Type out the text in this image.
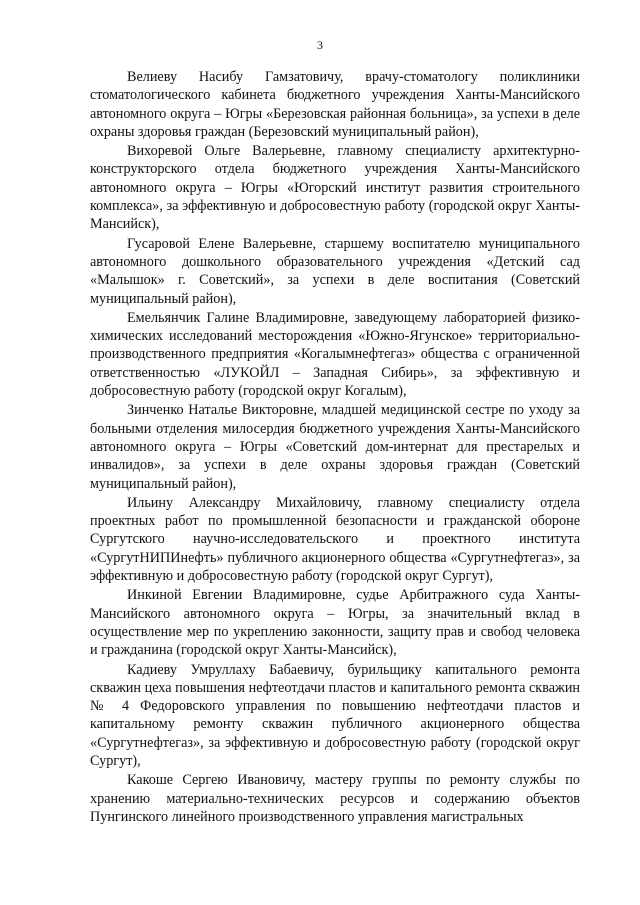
3

Велиеву Насибу Гамзатовичу, врачу-стоматологу поликлиники стоматологического кабинета бюджетного учреждения Ханты-Мансийского автономного округа – Югры «Березовская районная больница», за успехи в деле охраны здоровья граждан (Березовский муниципальный район),

Вихоревой Ольге Валерьевне, главному специалисту архитектурно-конструкторского отдела бюджетного учреждения Ханты-Мансийского автономного округа – Югры «Югорский институт развития строительного комплекса», за эффективную и добросовестную работу (городской округ Ханты-Мансийск),

Гусаровой Елене Валерьевне, старшему воспитателю муниципального автономного дошкольного образовательного учреждения «Детский сад «Малышок» г. Советский», за успехи в деле воспитания (Советский муниципальный район),

Емельянчик Галине Владимировне, заведующему лабораторией физико-химических исследований месторождения «Южно-Ягунское» территориально-производственного предприятия «Когалымнефтегаз» общества с ограниченной ответственностью «ЛУКОЙЛ – Западная Сибирь», за эффективную и добросовестную работу (городской округ Когалым),

Зинченко Наталье Викторовне, младшей медицинской сестре по уходу за больными отделения милосердия бюджетного учреждения Ханты-Мансийского автономного округа – Югры «Советский дом-интернат для престарелых и инвалидов», за успехи в деле охраны здоровья граждан (Советский муниципальный район),

Ильину Александру Михайловичу, главному специалисту отдела проектных работ по промышленной безопасности и гражданской обороне Сургутского научно-исследовательского и проектного института «СургутНИПИнефть» публичного акционерного общества «Сургутнефтегаз», за эффективную и добросовестную работу (городской округ Сургут),

Инкиной Евгении Владимировне, судье Арбитражного суда Ханты-Мансийского автономного округа – Югры, за значительный вклад в осуществление мер по укреплению законности, защиту прав и свобод человека и гражданина (городской округ Ханты-Мансийск),

Кадиеву Умруллаху Бабаевичу, бурильщику капитального ремонта скважин цеха повышения нефтеотдачи пластов и капитального ремонта скважин № 4 Федоровского управления по повышению нефтеотдачи пластов и капитальному ремонту скважин публичного акционерного общества «Сургутнефтегаз», за эффективную и добросовестную работу (городской округ Сургут),

Какоше Сергею Ивановичу, мастеру группы по ремонту службы по хранению материально-технических ресурсов и содержанию объектов Пунгинского линейного производственного управления магистральных
